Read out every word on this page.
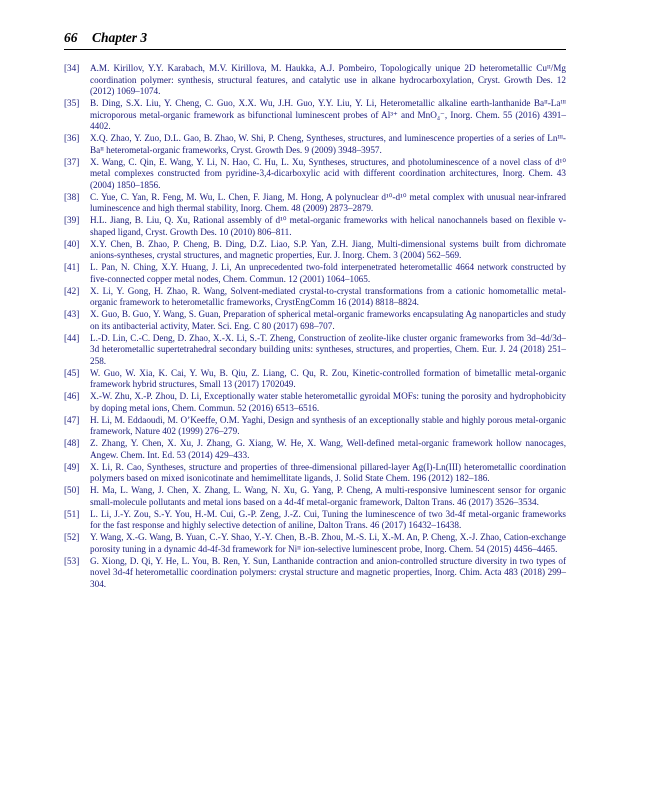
66 Chapter 3
[34] A.M. Kirillov, Y.Y. Karabach, M.V. Kirillova, M. Haukka, A.J. Pombeiro, Topologically unique 2D heterometallic Cuᴵᴵ/Mg coordination polymer: synthesis, structural features, and catalytic use in alkane hydrocarboxylation, Cryst. Growth Des. 12 (2012) 1069–1074.
[35] B. Ding, S.X. Liu, Y. Cheng, C. Guo, X.X. Wu, J.H. Guo, Y.Y. Liu, Y. Li, Heterometallic alkaline earth-lanthanide Baᴵᴵ-Laᴵᴵᴵ microporous metal-organic framework as bifunctional luminescent probes of Al³⁺ and MnO₄⁻, Inorg. Chem. 55 (2016) 4391–4402.
[36] X.Q. Zhao, Y. Zuo, D.L. Gao, B. Zhao, W. Shi, P. Cheng, Syntheses, structures, and luminescence properties of a series of Lnᴵᴵᴵ-Baᴵᴵ heterometal-organic frameworks, Cryst. Growth Des. 9 (2009) 3948–3957.
[37] X. Wang, C. Qin, E. Wang, Y. Li, N. Hao, C. Hu, L. Xu, Syntheses, structures, and photoluminescence of a novel class of d¹⁰ metal complexes constructed from pyridine-3,4-dicarboxylic acid with different coordination architectures, Inorg. Chem. 43 (2004) 1850–1856.
[38] C. Yue, C. Yan, R. Feng, M. Wu, L. Chen, F. Jiang, M. Hong, A polynuclear d¹⁰-d¹⁰ metal complex with unusual near-infrared luminescence and high thermal stability, Inorg. Chem. 48 (2009) 2873–2879.
[39] H.L. Jiang, B. Liu, Q. Xu, Rational assembly of d¹⁰ metal-organic frameworks with helical nanochannels based on flexible v-shaped ligand, Cryst. Growth Des. 10 (2010) 806–811.
[40] X.Y. Chen, B. Zhao, P. Cheng, B. Ding, D.Z. Liao, S.P. Yan, Z.H. Jiang, Multi-dimensional systems built from dichromate anions-syntheses, crystal structures, and magnetic properties, Eur. J. Inorg. Chem. 3 (2004) 562–569.
[41] L. Pan, N. Ching, X.Y. Huang, J. Li, An unprecedented two-fold interpenetrated heterometallic 4664 network constructed by five-connected copper metal nodes, Chem. Commun. 12 (2001) 1064–1065.
[42] X. Li, Y. Gong, H. Zhao, R. Wang, Solvent-mediated crystal-to-crystal transformations from a cationic homometallic metal-organic framework to heterometallic frameworks, CrystEngComm 16 (2014) 8818–8824.
[43] X. Guo, B. Guo, Y. Wang, S. Guan, Preparation of spherical metal-organic frameworks encapsulating Ag nanoparticles and study on its antibacterial activity, Mater. Sci. Eng. C 80 (2017) 698–707.
[44] L.-D. Lin, C.-C. Deng, D. Zhao, X.-X. Li, S.-T. Zheng, Construction of zeolite-like cluster organic frameworks from 3d–4d/3d–3d heterometallic supertetrahedral secondary building units: syntheses, structures, and properties, Chem. Eur. J. 24 (2018) 251–258.
[45] W. Guo, W. Xia, K. Cai, Y. Wu, B. Qiu, Z. Liang, C. Qu, R. Zou, Kinetic-controlled formation of bimetallic metal-organic framework hybrid structures, Small 13 (2017) 1702049.
[46] X.-W. Zhu, X.-P. Zhou, D. Li, Exceptionally water stable heterometallic gyroidal MOFs: tuning the porosity and hydrophobicity by doping metal ions, Chem. Commun. 52 (2016) 6513–6516.
[47] H. Li, M. Eddaoudi, M. O’Keeffe, O.M. Yaghi, Design and synthesis of an exceptionally stable and highly porous metal-organic framework, Nature 402 (1999) 276–279.
[48] Z. Zhang, Y. Chen, X. Xu, J. Zhang, G. Xiang, W. He, X. Wang, Well-defined metal-organic framework hollow nanocages, Angew. Chem. Int. Ed. 53 (2014) 429–433.
[49] X. Li, R. Cao, Syntheses, structure and properties of three-dimensional pillared-layer Ag(I)-Ln(III) heterometallic coordination polymers based on mixed isonicotinate and hemimellitate ligands, J. Solid State Chem. 196 (2012) 182–186.
[50] H. Ma, L. Wang, J. Chen, X. Zhang, L. Wang, N. Xu, G. Yang, P. Cheng, A multi-responsive luminescent sensor for organic small-molecule pollutants and metal ions based on a 4d-4f metal-organic framework, Dalton Trans. 46 (2017) 3526–3534.
[51] L. Li, J.-Y. Zou, S.-Y. You, H.-M. Cui, G.-P. Zeng, J.-Z. Cui, Tuning the luminescence of two 3d-4f metal-organic frameworks for the fast response and highly selective detection of aniline, Dalton Trans. 46 (2017) 16432–16438.
[52] Y. Wang, X.-G. Wang, B. Yuan, C.-Y. Shao, Y.-Y. Chen, B.-B. Zhou, M.-S. Li, X.-M. An, P. Cheng, X.-J. Zhao, Cation-exchange porosity tuning in a dynamic 4d-4f-3d framework for Niᴵᴵ ion-selective luminescent probe, Inorg. Chem. 54 (2015) 4456–4465.
[53] G. Xiong, D. Qi, Y. He, L. You, B. Ren, Y. Sun, Lanthanide contraction and anion-controlled structure diversity in two types of novel 3d-4f heterometallic coordination polymers: crystal structure and magnetic properties, Inorg. Chim. Acta 483 (2018) 299–304.
